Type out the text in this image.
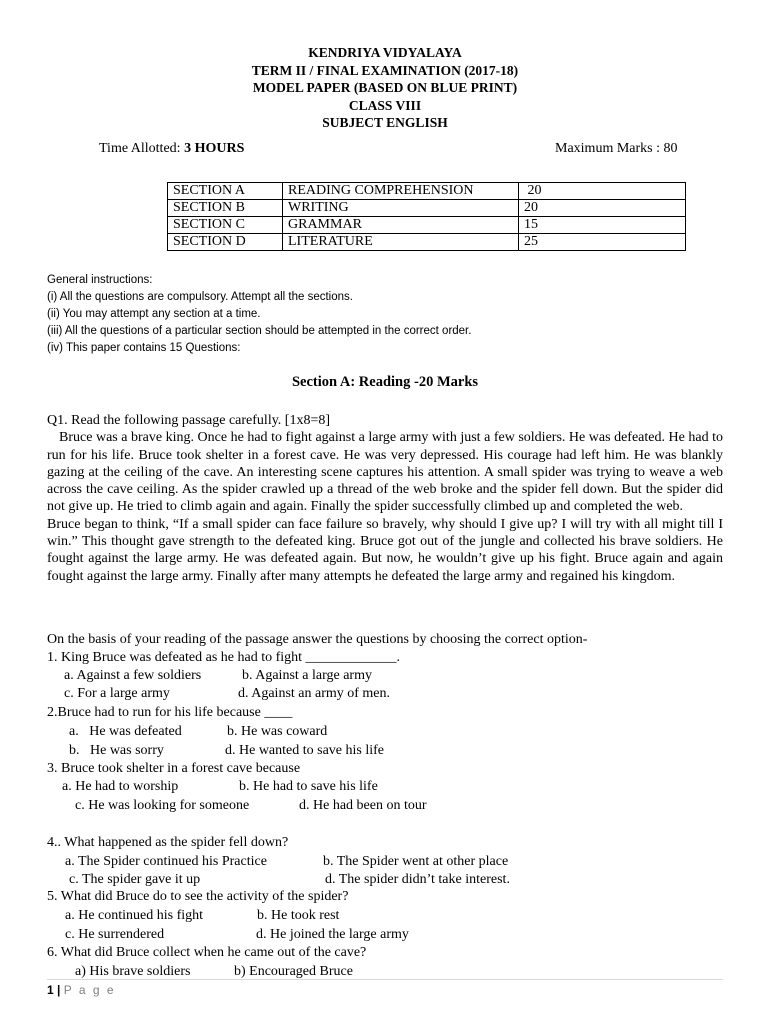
KENDRIYA VIDYALAYA
TERM II / FINAL EXAMINATION (2017-18)
MODEL PAPER (BASED ON BLUE PRINT)
CLASS VIII
SUBJECT ENGLISH
Time Allotted: 3 HOURS	Maximum Marks : 80
SECTION A	READING COMPREHENSION	20
SECTION B	WRITING	20
SECTION C	GRAMMAR	15
SECTION D	LITERATURE	25
General instructions:
(i) All the questions are compulsory. Attempt all the sections.
(ii) You may attempt any section at a time.
(iii) All the questions of a particular section should be attempted in the correct order.
(iv) This paper contains 15 Questions:
Section A: Reading -20 Marks

Q1. Read the following passage carefully. [1x8=8]

Bruce was a brave king. Once he had to fight against a large army with just a few soldiers. He was defeated. He had to run for his life. Bruce took shelter in a forest cave. He was very depressed. His courage had left him. He was blankly gazing at the ceiling of the cave. An interesting scene captures his attention. A small spider was trying to weave a web across the cave ceiling. As the spider crawled up a thread of the web broke and the spider fell down. But the spider did not give up. He tried to climb again and again. Finally the spider successfully climbed up and completed the web.

Bruce began to think, “If a small spider can face failure so bravely, why should I give up? I will try with all might till I win.” This thought gave strength to the defeated king. Bruce got out of the jungle and collected his brave soldiers. He fought against the large army. He was defeated again. But now, he wouldn’t give up his fight. Bruce again and again fought against the large army. Finally after many attempts he defeated the large army and regained his kingdom.

On the basis of your reading of the passage answer the questions by choosing the correct option-
1. King Bruce was defeated as he had to fight _____________.
a. Against a few soldiers	b. Against a large army
c. For a large army	d. Against an army of men.
2.Bruce had to run for his life because ____
a.   He was defeated	b. He was coward
b.   He was sorry	d. He wanted to save his life
3. Bruce took shelter in a forest cave because
a. He had to worship	b. He had to save his life
c. He was looking for someone	d. He had been on tour
4.. What happened as the spider fell down?
a. The Spider continued his Practice	b. The Spider went at other place
c. The spider gave it up	d. The spider didn’t take interest.
5. What did Bruce do to see the activity of the spider?
a. He continued his fight	b. He took rest
c. He surrendered	d. He joined the large army
6. What did Bruce collect when he came out of the cave?
a) His brave soldiers	b) Encouraged Bruce
1 | P a g e
